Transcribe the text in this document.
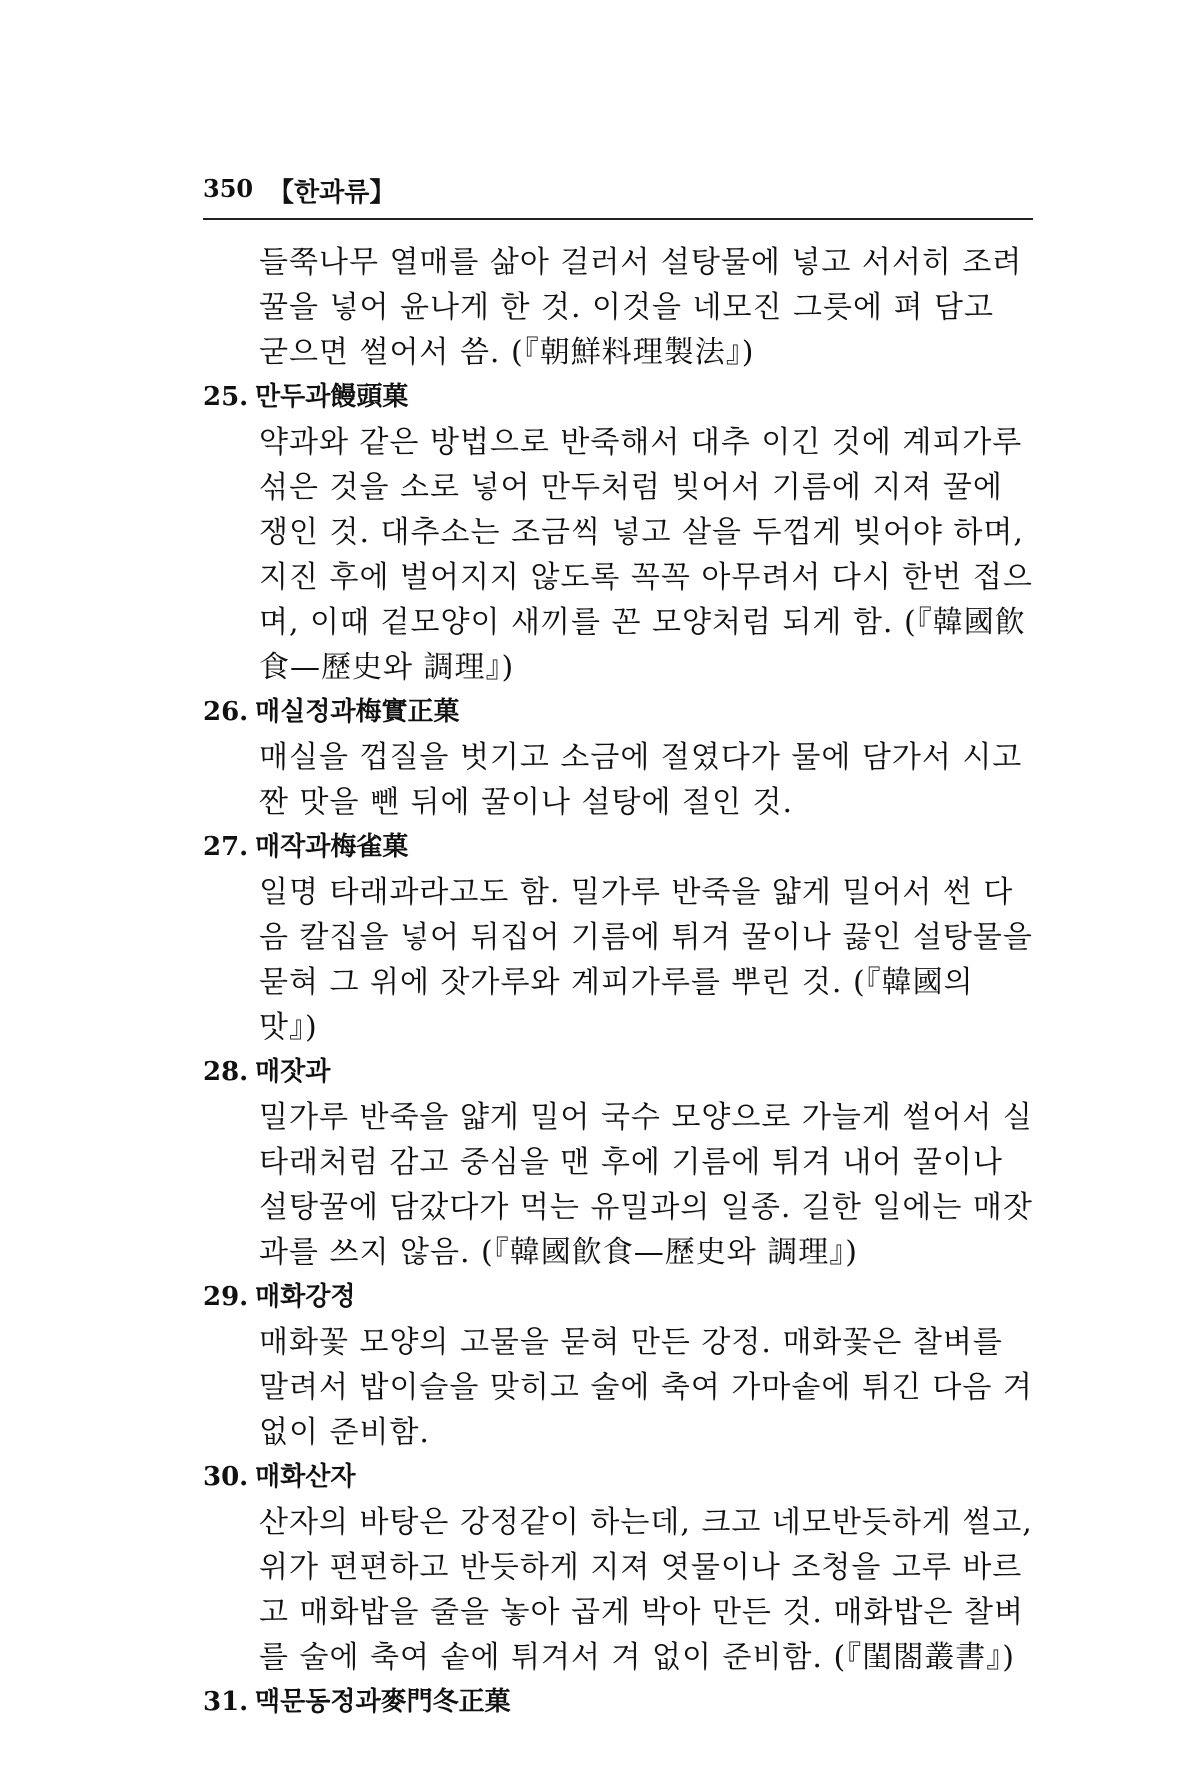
350 【한과류】

들쭉나무 열매를 삶아 걸러서 설탕물에 넣고 서서히 조려 꿀을 넣어 윤나게 한 것. 이것을 네모진 그릇에 펴 담고 굳으면 썰어서 씀. (『朝鮮料理製法』)

25. 만두과饅頭菓

약과와 같은 방법으로 반죽해서 대추 이긴 것에 계피가루 섞은 것을 소로 넣어 만두처럼 빚어서 기름에 지져 꿀에 쟁인 것. 대추소는 조금씩 넣고 살을 두껍게 빚어야 하며, 지진 후에 벌어지지 않도록 꼭꼭 아무려서 다시 한번 접으며, 이때 겉모양이 새끼를 꼰 모양처럼 되게 함. (『韓國飮食—歷史와 調理』)

26. 매실정과梅實正菓

매실을 껍질을 벗기고 소금에 절였다가 물에 담가서 시고 짠 맛을 뺀 뒤에 꿀이나 설탕에 절인 것.

27. 매작과梅雀菓

일명 타래과라고도 함. 밀가루 반죽을 얇게 밀어서 썬 다음 칼집을 넣어 뒤집어 기름에 튀겨 꿀이나 끓인 설탕물을 묻혀 그 위에 잣가루와 계피가루를 뿌린 것. (『韓國의 맛』)

28. 매잣과

밀가루 반죽을 얇게 밀어 국수 모양으로 가늘게 썰어서 실타래처럼 감고 중심을 맨 후에 기름에 튀겨 내어 꿀이나 설탕꿀에 담갔다가 먹는 유밀과의 일종. 길한 일에는 매잣과를 쓰지 않음. (『韓國飮食—歷史와 調理』)

29. 매화강정

매화꽃 모양의 고물을 묻혀 만든 강정. 매화꽃은 찰벼를 말려서 밥이슬을 맞히고 술에 축여 가마솥에 튀긴 다음 겨 없이 준비함.

30. 매화산자

산자의 바탕은 강정같이 하는데, 크고 네모반듯하게 썰고, 위가 편편하고 반듯하게 지져 엿물이나 조청을 고루 바르고 매화밥을 줄을 놓아 곱게 박아 만든 것. 매화밥은 찰벼를 술에 축여 솥에 튀겨서 겨 없이 준비함. (『閨閤叢書』)

31. 맥문동정과麥門冬正菓
